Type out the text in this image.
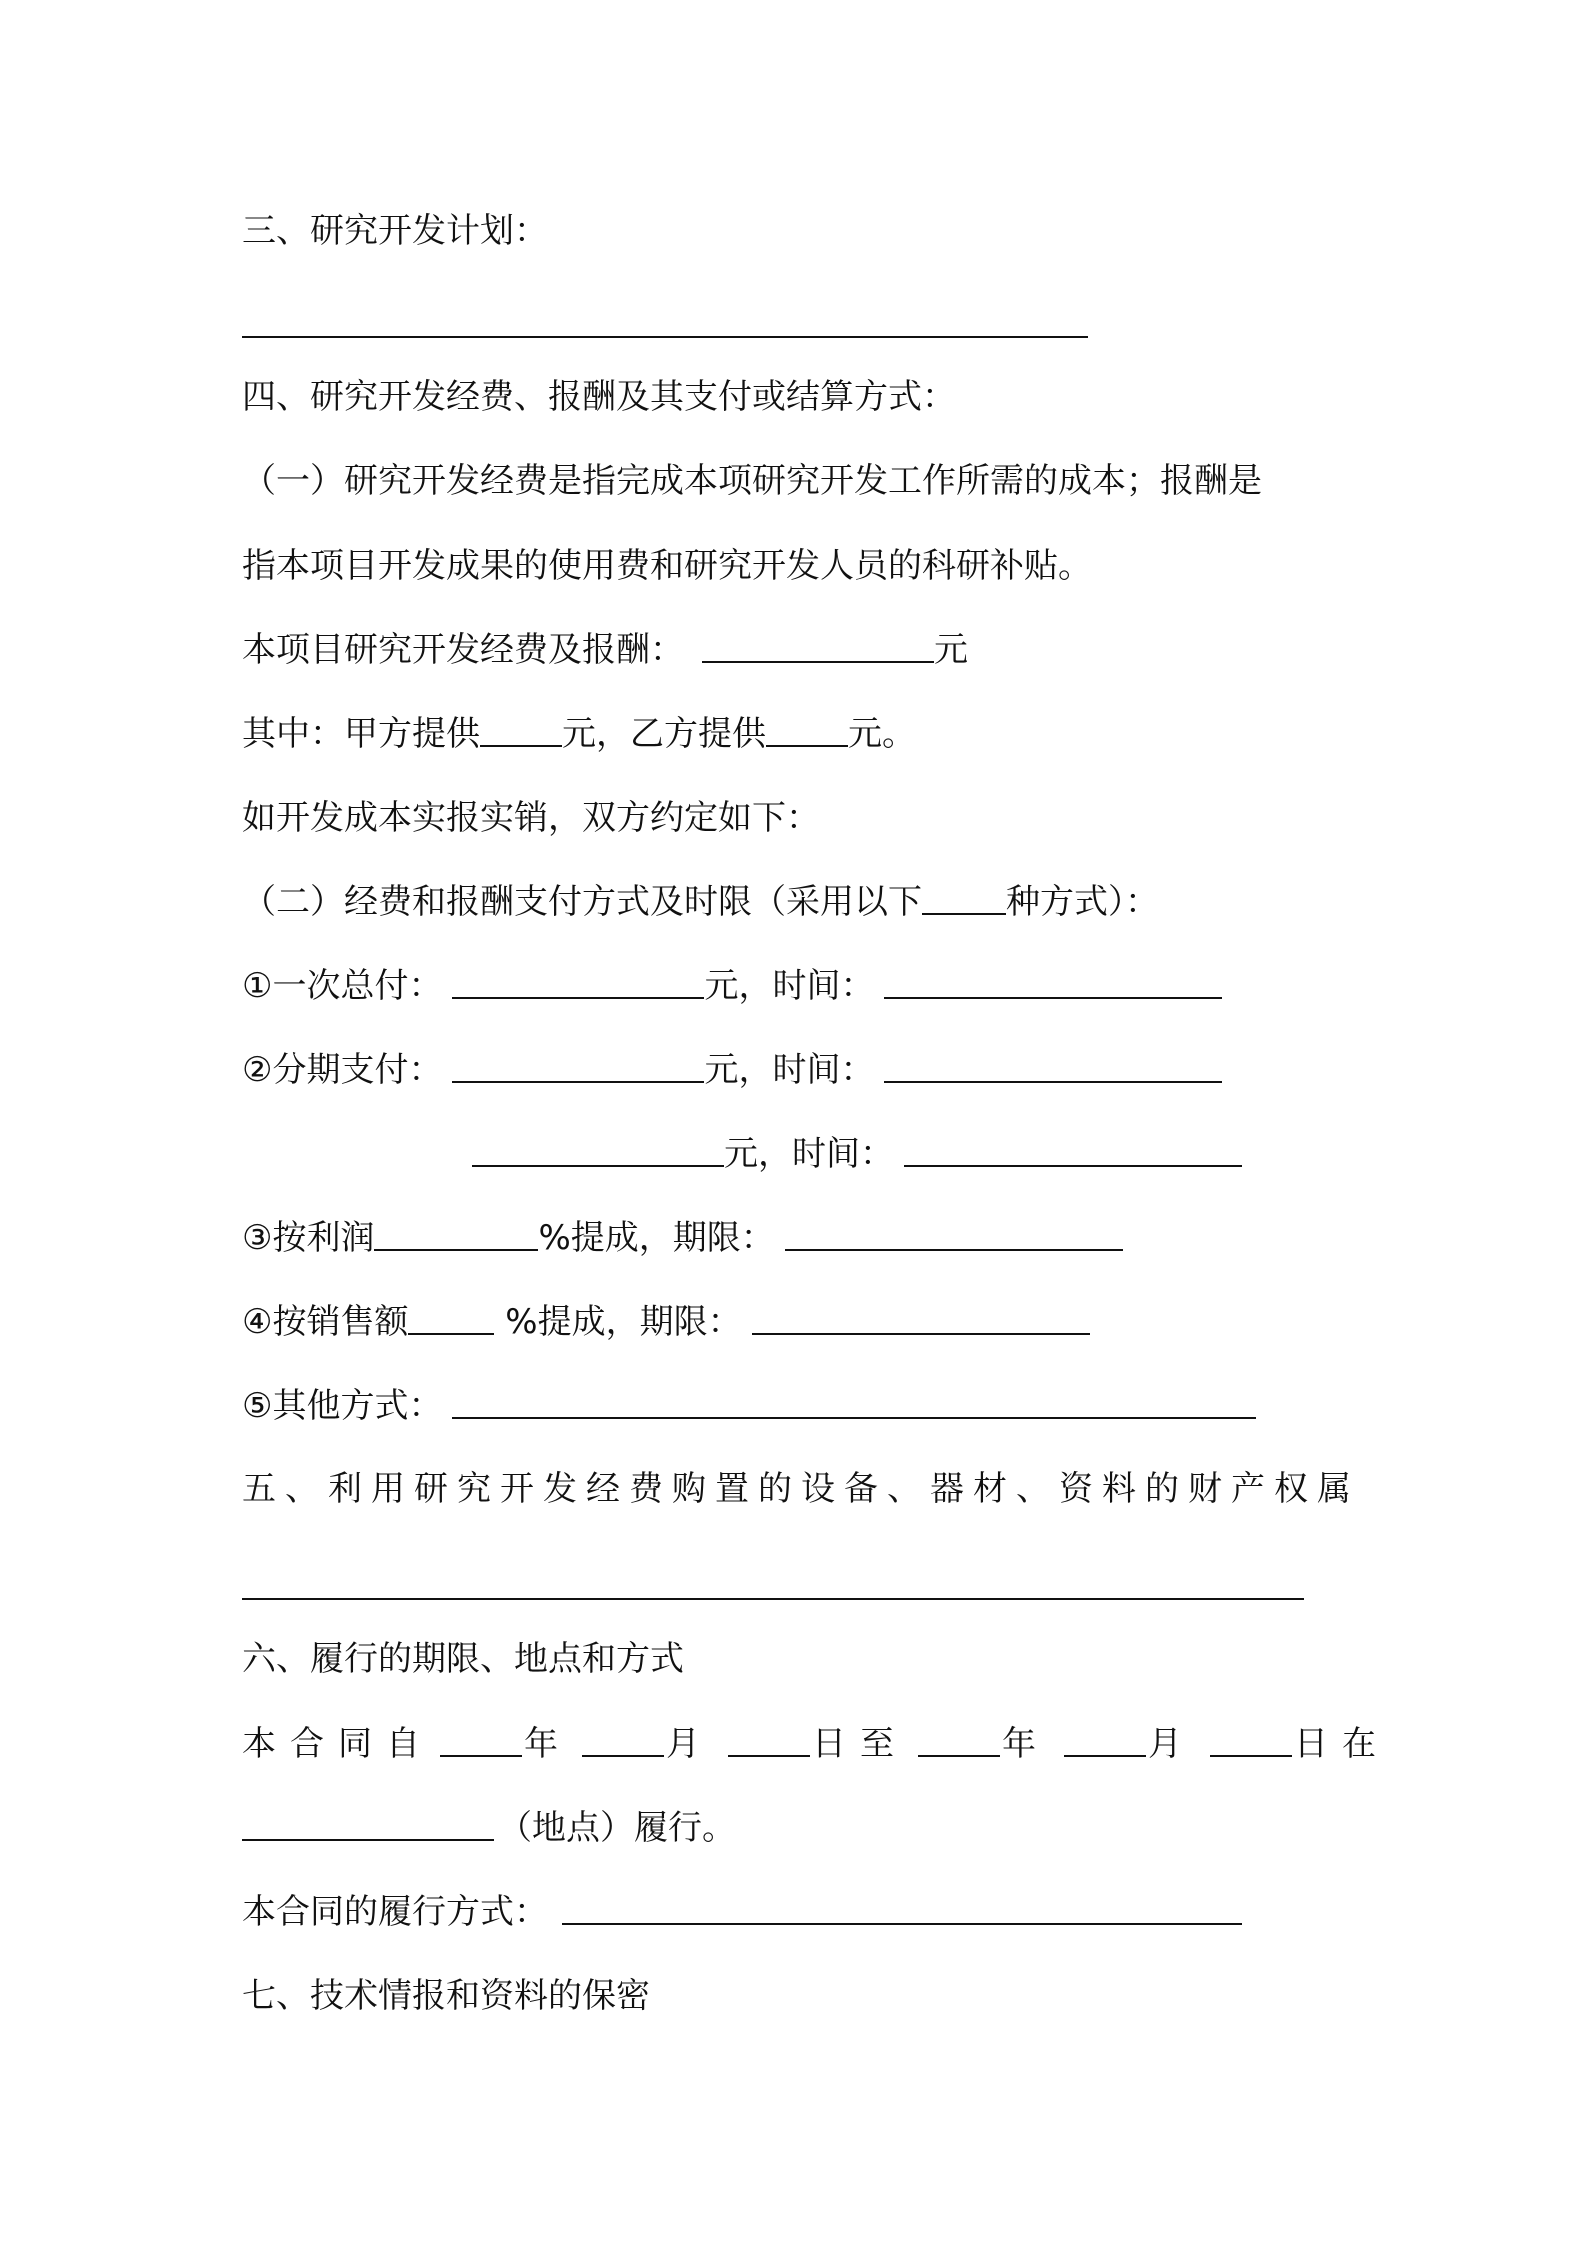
三、研究开发计划：

四、研究开发经费、报酬及其支付或结算方式：

（一）研究开发经费是指完成本项研究开发工作所需的成本；报酬是

指本项目开发成果的使用费和研究开发人员的科研补贴。

本项目研究开发经费及报酬：	元

其中：甲方提供 元，乙方提供 元。

如开发成本实报实销，双方约定如下：

（二）经费和报酬支付方式及时限（采用以下 种方式）：

①一次总付：	元，时间：

②分期支付：	元，时间：

元，时间：

③按利润	%提成，期限：

④按销售额	%提成，期限：

⑤其他方式：

五、利用研究开发经费购置的设备、器材、资料的财产权属

六、履行的期限、地点和方式

本合同自	年	月	日至	年	月	日在

（地点）履行。

本合同的履行方式：

七、技术情报和资料的保密
